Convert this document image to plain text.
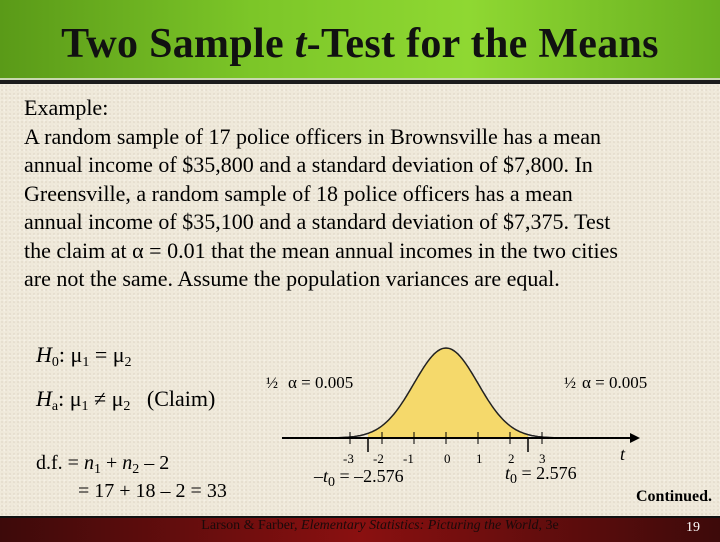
Two Sample t-Test for the Means
Example:
A random sample of 17 police officers in Brownsville has a mean
annual income of $35,800 and a standard deviation of $7,800. In
Greensville, a random sample of 18 police officers has a mean
annual income of $35,100 and a standard deviation of $7,375. Test
the claim at α = 0.01 that the mean annual incomes in the two cities
are not the same. Assume the population variances are equal.
$H_0$: $\mu_1 = \mu_2$
$H_a$: $\mu_1 \ne \mu_2$   (Claim)
d.f. = $n_1 + n_2 - 2$
= 17 + 18 – 2 = 33
½	½
α = 0.005	α = 0.005
t
-3 -2 -1 0 1 2 3
$-t_0 = -2.576$	$t_0 = 2.576$
Continued.
Larson & Farber, Elementary Statistics: Picturing the World, 3e	19
